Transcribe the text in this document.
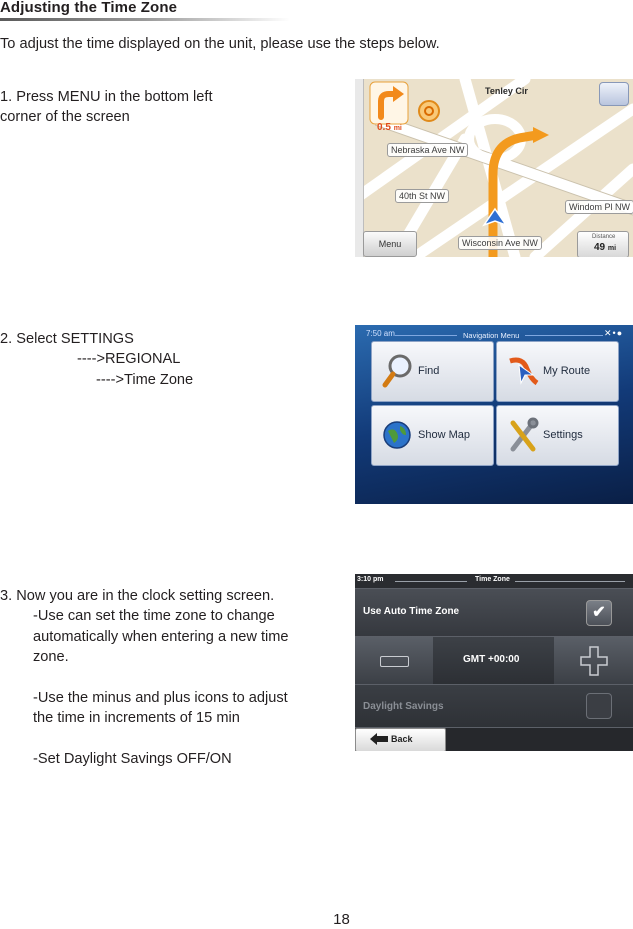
Adjusting the Time Zone
To adjust the time displayed on the unit, please use the steps below.
1. Press MENU in the bottom left
corner of the screen
2. Select SETTINGS
---->REGIONAL
---->Time Zone
3. Now you are in the clock setting screen.
-Use can set the time zone to change
automatically when entering a new time
zone.
-Use the minus and plus icons to adjust
the time in increments of 15 min
-Set Daylight Savings OFF/ON
0.5 mi
Tenley Cir
Nebraska Ave NW
40th St NW
Windom Pl NW
Wisconsin Ave NW
Menu
Distance
49 mi
7:50 am	Navigation Menu	✕•●
Find	My Route
Show Map	Settings
3:10 pm	Time Zone
Use Auto Time Zone	✔
GMT +00:00
Daylight Savings
Back
18
